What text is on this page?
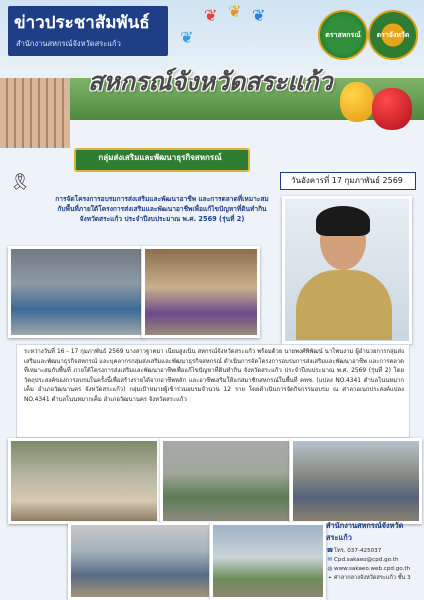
❦ ❦ ❦
❦
ข่าวประชาสัมพันธ์
สำนักงานสหกรณ์จังหวัดสระแก้ว
ตราสหกรณ์ ตราจังหวัด
สหกรณ์จังหวัดสระแก้ว
กลุ่มส่งเสริมและพัฒนาธุรกิจสหกรณ์
🎗	วันอังคารที่ 17 กุมภาพันธ์ 2569
การจัดโครงการอบรมการส่งเสริมและพัฒนาอาชีพ และการตลาดที่เหมาะสมกับพื้นที่ภายใต้โครงการส่งเสริมและพัฒนาอาชีพเพื่อแก้ไขปัญหาที่ดินทำกิน จังหวัดสระแก้ว ประจำปีงบประมาณ พ.ศ. 2569 (รุ่นที่ 2)
ระหว่างวันที่ 16 - 17 กุมภาพันธ์ 2569 นางสาวฐาตมา เนียมสูงเนิน สหกรณ์จังหวัดสระแก้ว พร้อมด้วย นายพงศ์พิพัฒน์ นาโพนงาม ผู้อำนวยการกลุ่มส่งเสริมและพัฒนาธุรกิจสหกรณ์ และบุคลากรกลุ่มส่งเสริมและพัฒนาธุรกิจสหกรณ์ ดำเนินการจัดโครงการอบรมการส่งเสริมและพัฒนาอาชีพ และการตลาดที่เหมาะสมกับพื้นที่ ภายใต้โครงการส่งเสริมและพัฒนาอาชีพเพื่อแก้ไขปัญหาที่ดินทำกิน จังหวัดสระแก้ว ประจำปีงบประมาณ พ.ศ. 2569 (รุ่นที่ 2) โดยวัตถุประสงค์ของการอบรมในครั้งนี้เพื่อสร้างรายได้จากอาชีพหลัก และอาชีพเสริมให้แก่สมาชิกสหกรณ์ในพื้นที่ คทช. (แปลง NO.4341 ตำบลโนนหมากเค็ม อำเภอวัฒนานคร จังหวัดสระแก้ว) กลุ่มเป้าหมายผู้เข้าร่วมอบรมจำนวน 12 ราย โดยดำเนินการจัดกิจกรรมอบรม ณ ศาลาอเนกประสงค์แปลง NO.4341 ตำบลโนนหมากเค็ม อำเภอวัฒนานคร จังหวัดสระแก้ว
สำนักงานสหกรณ์จังหวัดสระแก้ว
☎โทร. 037-425037
✉ Cpd.sakaeo@cpd.go.th
◍ www.sakaeo.web.cpd.go.th
⌖ ศาลากลางจังหวัดสระแก้ว ชั้น 3
